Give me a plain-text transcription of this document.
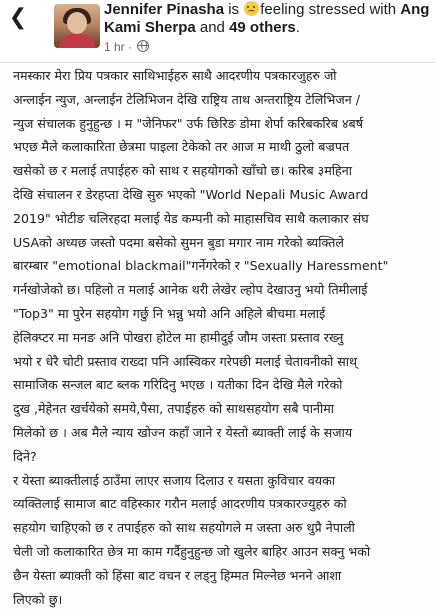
❮	Jennifer Pinasha is feeling stressed with Ang Kami Sherpa and 49 others.
1 hr ·
नमस्कार मेरा प्रिय पत्रकार साथिभाईहरु साथै आदरणीय पत्रकारजुहरु जो
अन्लाईन न्युज, अन्लाईन टेलिभिजन देखि राष्ट्रिय ताथ अन्तराष्ट्रिय टेलिभिजन /
न्युज संचालक हुनुहुन्छ । म "जेनिफर" उर्फ छिरिङ डोमा शेर्पा करिबकरिब ४बर्ष
भएछ मैले कलाकारिता छेत्रमा पाइला टेकेको तर आज म माथी ठुलो बज्रपत
खसेको छ र मलाई तपाईहरु को साथ र सहयोगको खाँचो छ। करिब ३महिना
देखि संचालन र डेरहप्ता देखि सुरु भएको "World Nepali Music Award
2019" भोटीङ चलिरहदा मलाई येड कम्पनी को माहासचिव साथै कलाकार संघ
USAको अध्यछ जस्तो पदमा बसेको सुमन बुडा मगार नाम गरेको ब्यक्तिले
बारम्बार "emotional blackmail"गर्नेगरेको र "Sexually Haressment"
गर्नखोजेको छ। पहिलो त मलाई आनेक थरी लेखेर ल्होप देखाउनु भयो तिमीलाई
"Top3" मा पुरेन सहयोग गर्छु नि भन्नु भयो अनि अहिले बीचमा मलाई
हेलिक्प्टर मा मनङ अनि पोखरा होटेल मा हामीदुई जौम जस्ता प्रस्ताव रख्नु
भयो र धेरै चोटी प्रस्ताव राख्दा पनि आस्विकर गरेपछी मलाई चेतावनीको साथ्
सामाजिक सन्जल बाट ब्लक गरिदिनु भएछ । यतीका दिन देखि मैले गरेको
दुख ,मेहेनत खर्चयेको समये,पैसा, तपाईहरु को साथसहयोग सबै पानीमा
मिलेको छ । अब मैले न्याय खोज्न कहाँ जाने र येस्तो ब्याक्ती लाई के सजाय
दिने?
र येस्ता ब्याक्तीलाई ठाउँमा लाएर सजाय दिलाउ र यसता कुविचार वयका
व्यक्तिलाई सामाज बाट वहिस्कार गरौन मलाई आदरणीय पत्रकारज्युहरु को
सहयोग चाहिएको छ र तपाईहरु को साथ सहयोगले म जस्ता अरु थुप्रै नेपाली
चेली जो कलाकारित छेत्र मा काम गर्दैहुनुहुन्छ जो खुलेर बाहिर आउन सक्नु भको
छैन येस्ता ब्याक्ती को हिंसा बाट वचन र लड्नु हिम्मत मिल्नेछ भनने आशा
लिएको छु।
